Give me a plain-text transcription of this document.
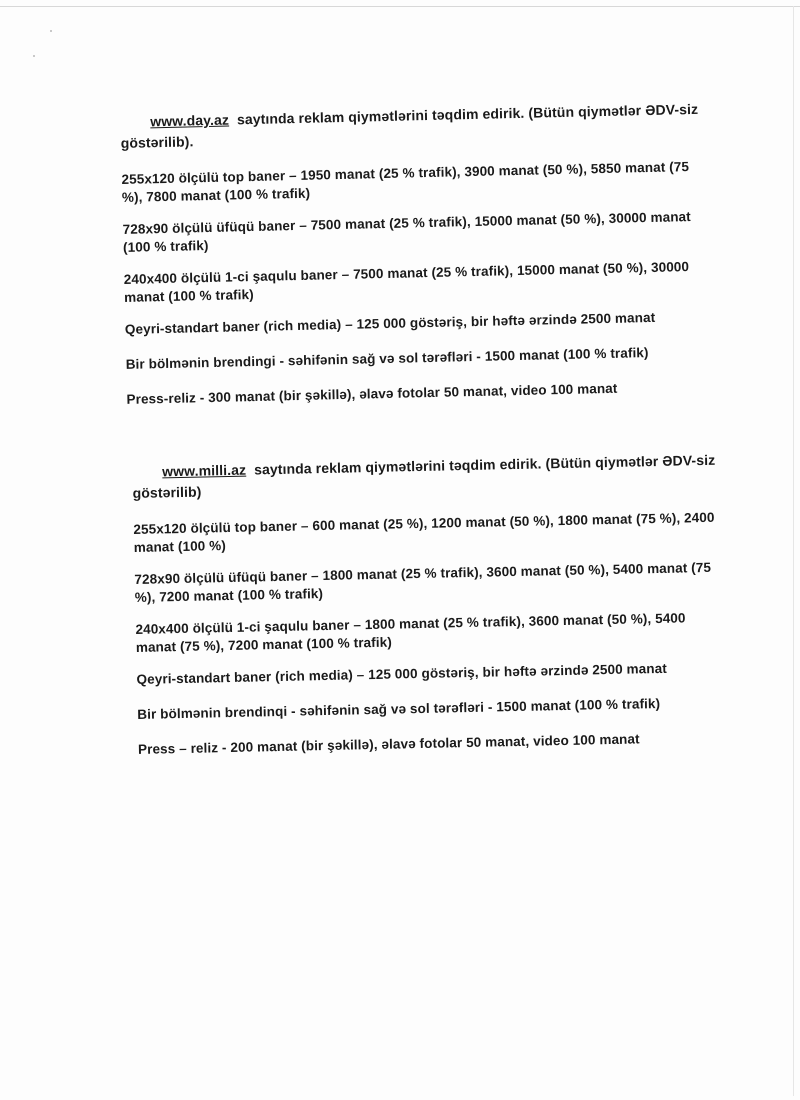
www.day.az saytında reklam qiymətlərini təqdim edirik. (Bütün qiymətlər ƏDV-siz göstərilib).

255x120 ölçülü top baner – 1950 manat (25 % trafik), 3900 manat (50 %), 5850 manat (75 %), 7800 manat (100 % trafik)

728x90 ölçülü üfüqü baner – 7500 manat (25 % trafik), 15000 manat (50 %), 30000 manat (100 % trafik)

240x400 ölçülü 1-ci şaqulu baner – 7500 manat (25 % trafik), 15000 manat (50 %), 30000 manat (100 % trafik)

Qeyri-standart baner (rich media) – 125 000 göstəriş, bir həftə ərzində 2500 manat

Bir bölmənin brendingi - səhifənin sağ və sol tərəfləri - 1500 manat (100 % trafik)

Press-reliz - 300 manat (bir şəkillə), əlavə fotolar 50 manat, video 100 manat

www.milli.az saytında reklam qiymətlərini təqdim edirik. (Bütün qiymətlər ƏDV-siz göstərilib)

255x120 ölçülü top baner – 600 manat (25 %), 1200 manat (50 %), 1800 manat (75 %), 2400 manat (100 %)

728x90 ölçülü üfüqü baner – 1800 manat (25 % trafik), 3600 manat (50 %), 5400 manat (75 %), 7200 manat (100 % trafik)

240x400 ölçülü 1-ci şaqulu baner – 1800 manat (25 % trafik), 3600 manat (50 %), 5400 manat (75 %), 7200 manat (100 % trafik)

Qeyri-standart baner (rich media) – 125 000 göstəriş, bir həftə ərzində 2500 manat

Bir bölmənin brendinqi - səhifənin sağ və sol tərəfləri - 1500 manat (100 % trafik)

Press – reliz - 200 manat (bir şəkillə), əlavə fotolar 50 manat, video 100 manat
